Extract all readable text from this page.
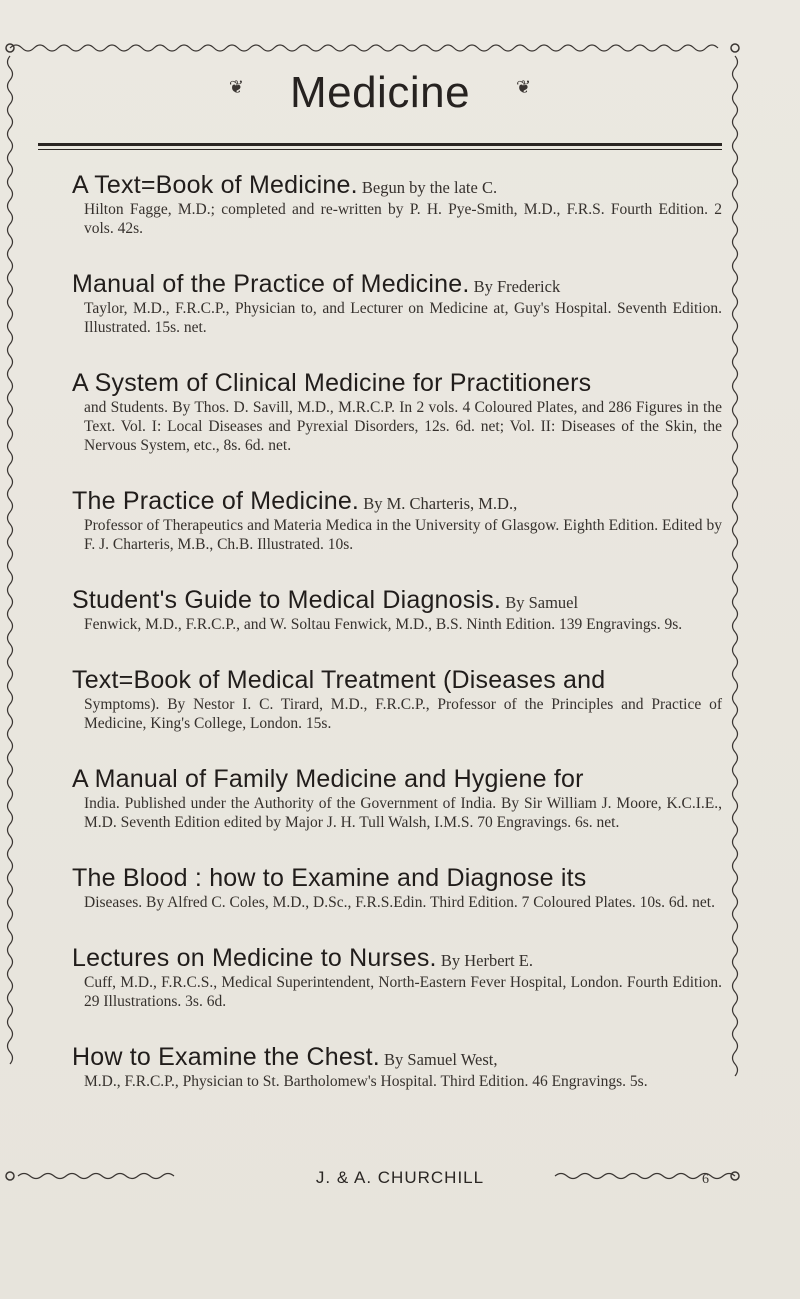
❦ Medicine	❦
A Text=Book of Medicine. Begun by the late C.
Hilton Fagge, M.D.; completed and re-written by P. H. Pye-Smith, M.D., F.R.S. Fourth Edition. 2 vols. 42s.
Manual of the Practice of Medicine. By Frederick
Taylor, M.D., F.R.C.P., Physician to, and Lecturer on Medicine at, Guy's Hospital. Seventh Edition. Illustrated. 15s. net.
A System of Clinical Medicine for Practitioners
and Students. By Thos. D. Savill, M.D., M.R.C.P. In 2 vols. 4 Coloured Plates, and 286 Figures in the Text. Vol. I: Local Diseases and Pyrexial Disorders, 12s. 6d. net; Vol. II: Diseases of the Skin, the Nervous System, etc., 8s. 6d. net.
The Practice of Medicine. By M. Charteris, M.D.,
Professor of Therapeutics and Materia Medica in the University of Glasgow. Eighth Edition. Edited by F. J. Charteris, M.B., Ch.B. Illustrated. 10s.
Student's Guide to Medical Diagnosis. By Samuel
Fenwick, M.D., F.R.C.P., and W. Soltau Fenwick, M.D., B.S. Ninth Edition. 139 Engravings. 9s.
Text=Book of Medical Treatment (Diseases and
Symptoms). By Nestor I. C. Tirard, M.D., F.R.C.P., Professor of the Principles and Practice of Medicine, King's College, London. 15s.
A Manual of Family Medicine and Hygiene for
India. Published under the Authority of the Government of India. By Sir William J. Moore, K.C.I.E., M.D. Seventh Edition edited by Major J. H. Tull Walsh, I.M.S. 70 Engravings. 6s. net.
The Blood : how to Examine and Diagnose its
Diseases. By Alfred C. Coles, M.D., D.Sc., F.R.S.Edin. Third Edition. 7 Coloured Plates. 10s. 6d. net.
Lectures on Medicine to Nurses. By Herbert E.
Cuff, M.D., F.R.C.S., Medical Superintendent, North-Eastern Fever Hospital, London. Fourth Edition. 29 Illustrations. 3s. 6d.
How to Examine the Chest. By Samuel West,
M.D., F.R.C.P., Physician to St. Bartholomew's Hospital. Third Edition. 46 Engravings. 5s.
J. & A. CHURCHILL	6
